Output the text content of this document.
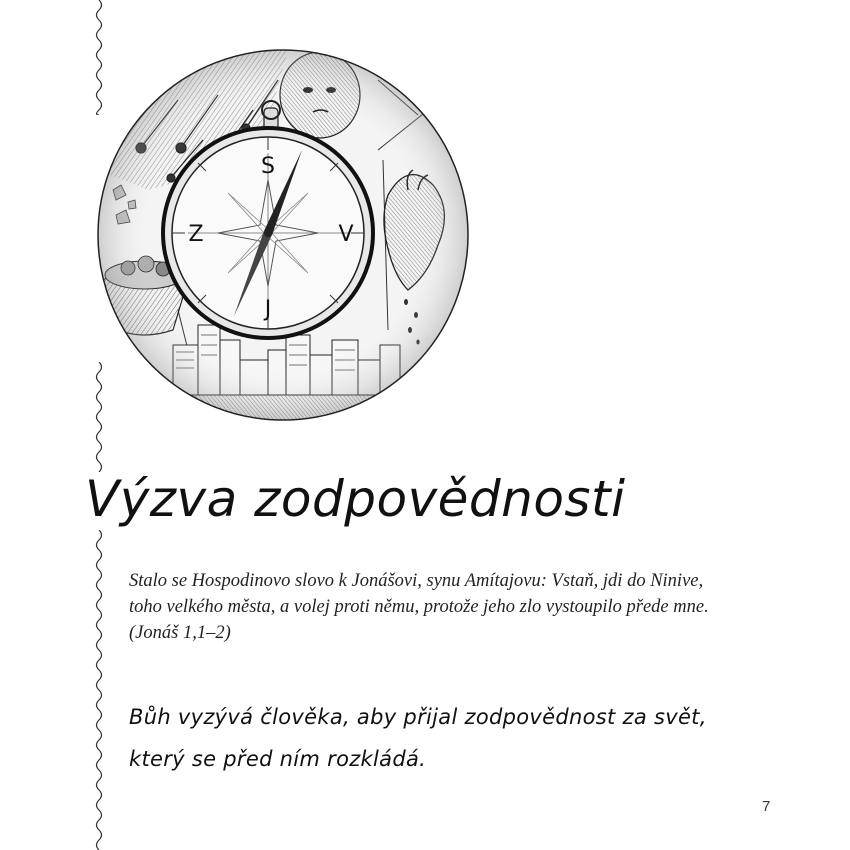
S
J
Z	V
Výzva zodpovědnosti
Stalo se Hospodinovo slovo k Jonášovi, synu Amítajovu: Vstaň, jdi do Ninive,
toho velkého města, a volej proti němu, protože jeho zlo vystoupilo přede mne.
(Jonáš 1,1–2)
Bůh vyzývá člověka, aby přijal zodpovědnost za svět,
který se před ním rozkládá.
7
